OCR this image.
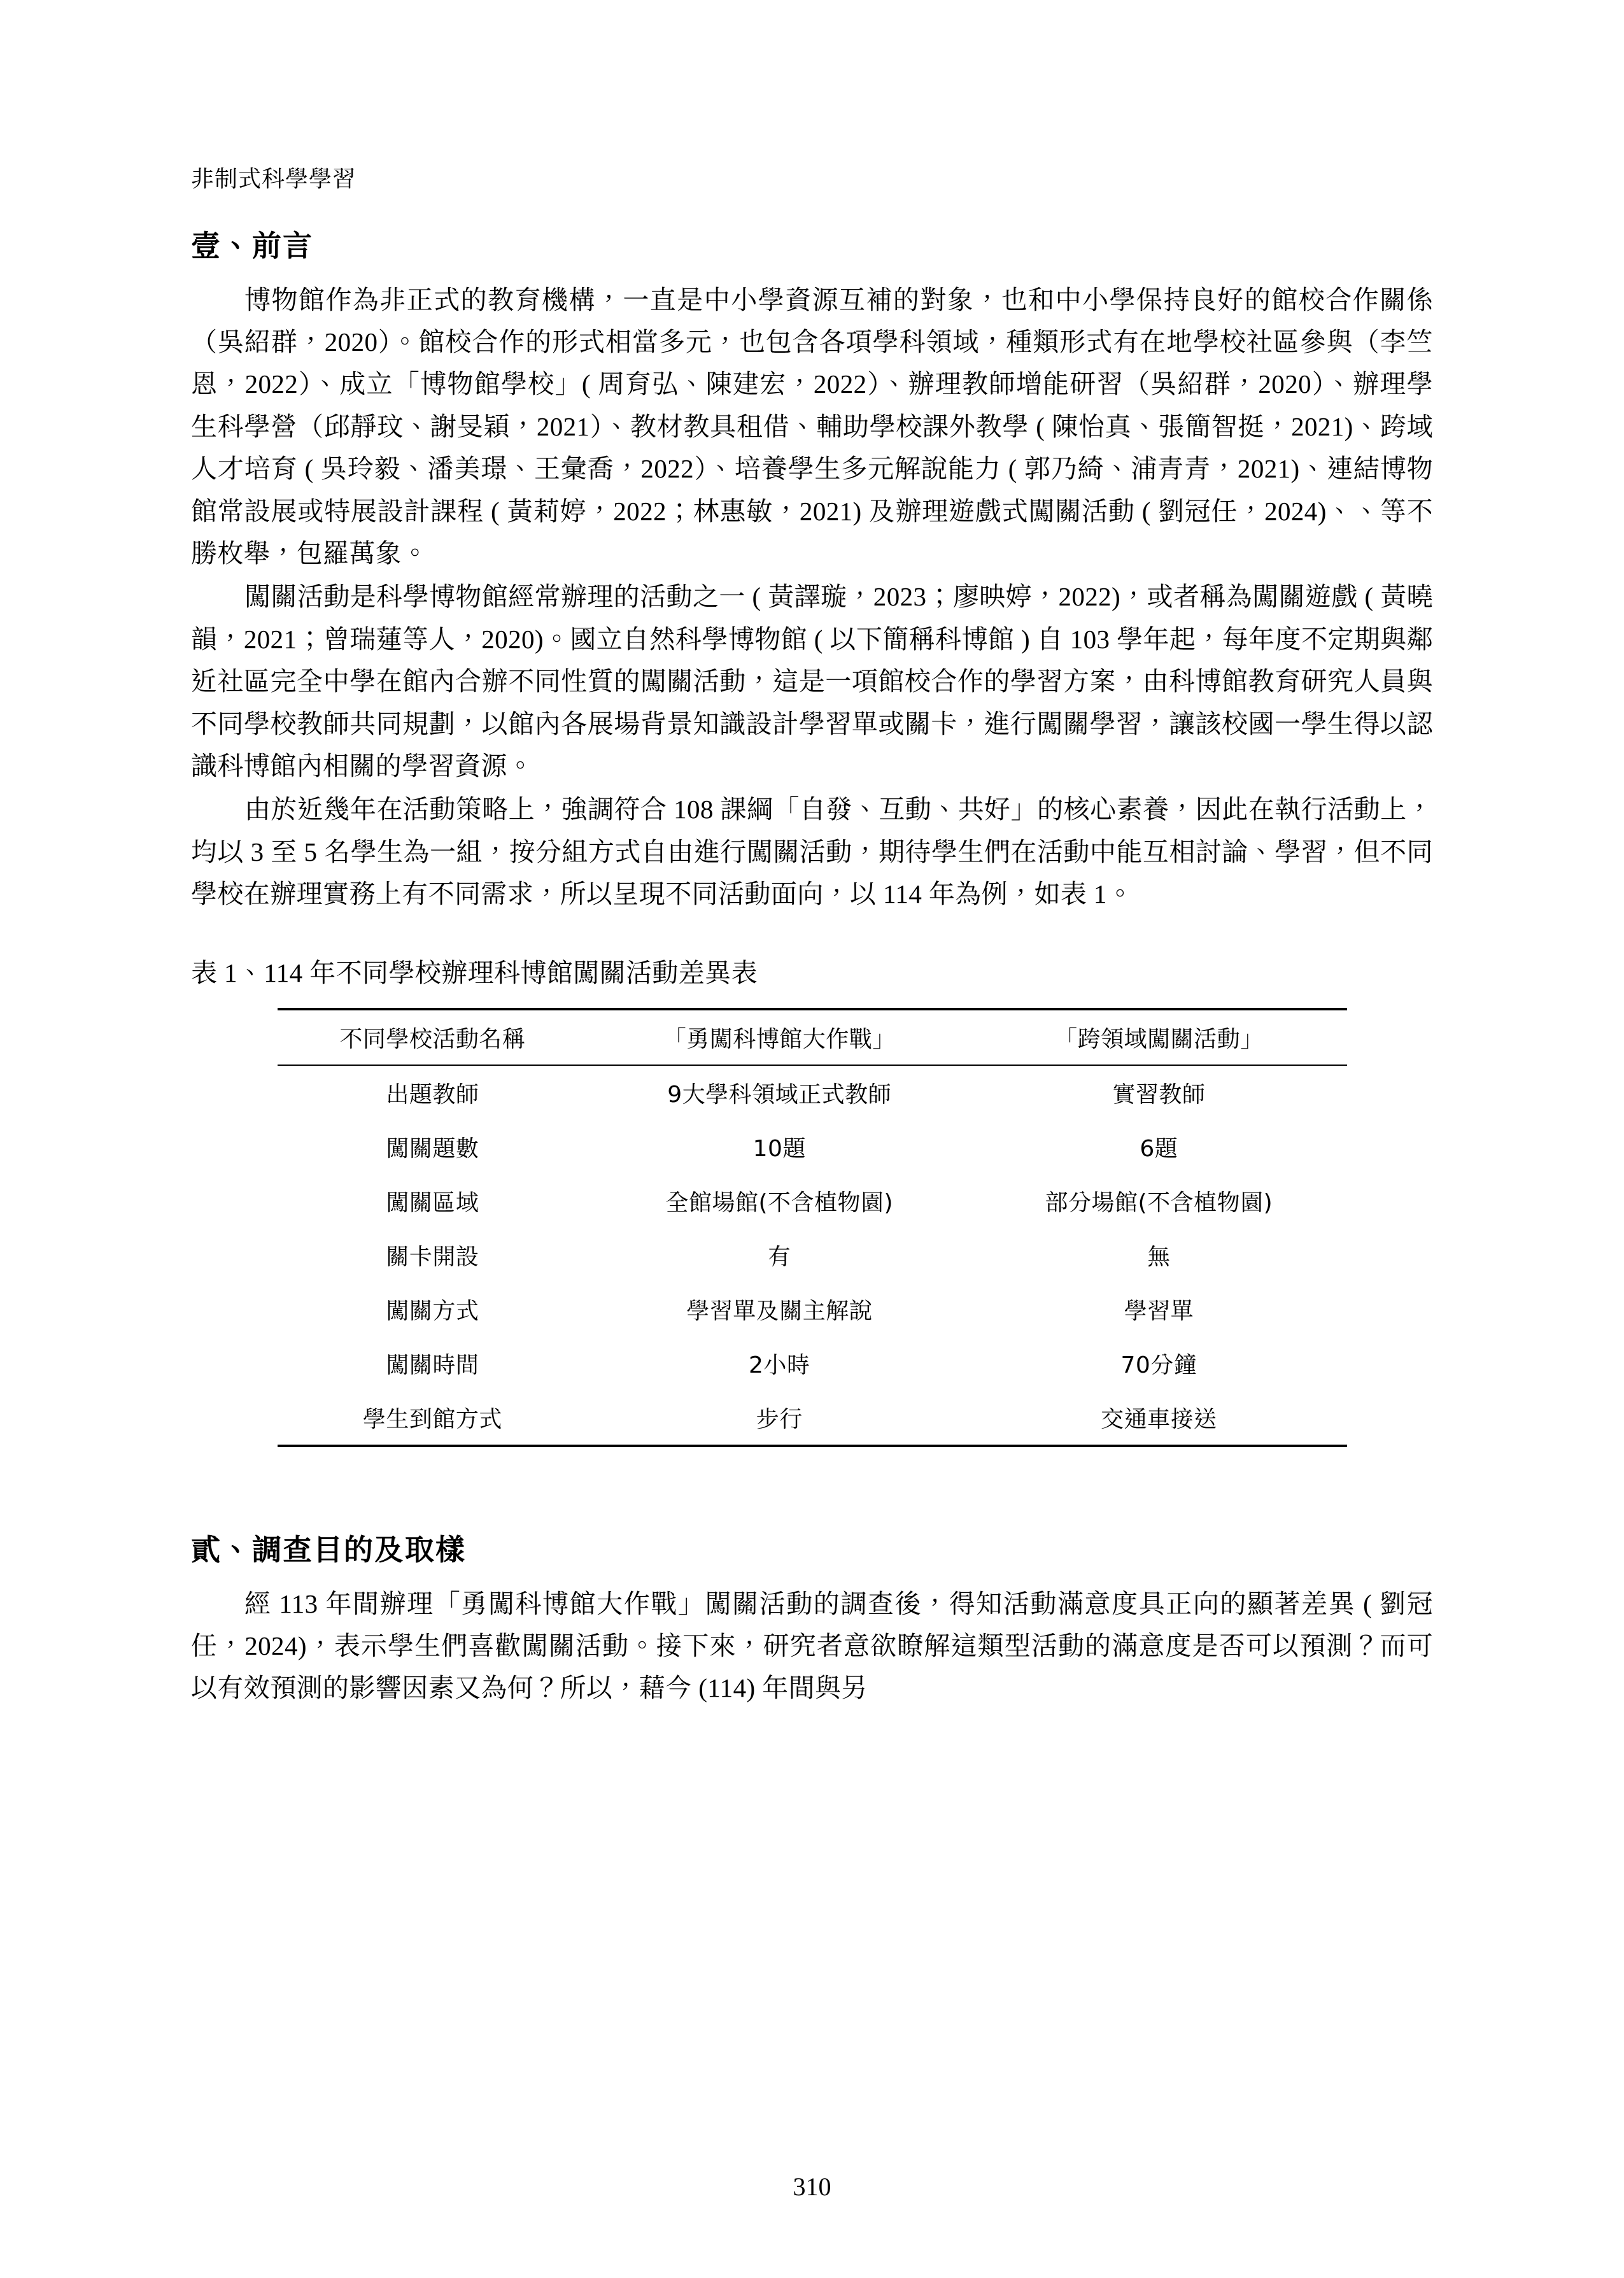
非制式科學學習
壹、前言

博物館作為非正式的教育機構，一直是中小學資源互補的對象，也和中小學保持良好的館校合作關係（吳紹群，2020）。館校合作的形式相當多元，也包含各項學科領域，種類形式有在地學校社區參與（李竺恩，2022）、成立「博物館學校」( 周育弘、陳建宏，2022）、辦理教師增能研習（吳紹群，2020）、辦理學生科學營（邱靜玟、謝旻穎，2021）、教材教具租借、輔助學校課外教學 ( 陳怡真、張簡智挺，2021)、跨域人才培育 ( 吳玲毅、潘美璟、王彙喬，2022）、培養學生多元解說能力 ( 郭乃綺、浦青青，2021)、連結博物館常設展或特展設計課程 ( 黃莉婷，2022；林惠敏，2021) 及辦理遊戲式闖關活動 ( 劉冠任，2024)、、等不勝枚舉，包羅萬象。

闖關活動是科學博物館經常辦理的活動之一 ( 黃譯璇，2023；廖映婷，2022)，或者稱為闖關遊戲 ( 黃曉韻，2021；曾瑞蓮等人，2020)。國立自然科學博物館 ( 以下簡稱科博館 ) 自 103 學年起，每年度不定期與鄰近社區完全中學在館內合辦不同性質的闖關活動，這是一項館校合作的學習方案，由科博館教育研究人員與不同學校教師共同規劃，以館內各展場背景知識設計學習單或關卡，進行闖關學習，讓該校國一學生得以認識科博館內相關的學習資源。

由於近幾年在活動策略上，強調符合 108 課綱「自發、互動、共好」的核心素養，因此在執行活動上，均以 3 至 5 名學生為一組，按分組方式自由進行闖關活動，期待學生們在活動中能互相討論、學習，但不同學校在辦理實務上有不同需求，所以呈現不同活動面向，以 114 年為例，如表 1。

表 1、114 年不同學校辦理科博館闖關活動差異表
不同學校活動名稱	「勇闖科博館大作戰」	「跨領域闖關活動」
出題教師	9大學科領域正式教師	實習教師
闖關題數	10題	6題
闖關區域	全館場館(不含植物園)	部分場館(不含植物園)
關卡開設	有	無
闖關方式	學習單及關主解說	學習單
闖關時間	2小時	70分鐘
學生到館方式	步行	交通車接送
貳、調查目的及取樣

經 113 年間辦理「勇闖科博館大作戰」闖關活動的調查後，得知活動滿意度具正向的顯著差異 ( 劉冠任，2024)，表示學生們喜歡闖關活動。接下來，研究者意欲瞭解這類型活動的滿意度是否可以預測？而可以有效預測的影響因素又為何？所以，藉今 (114) 年間與另

310
